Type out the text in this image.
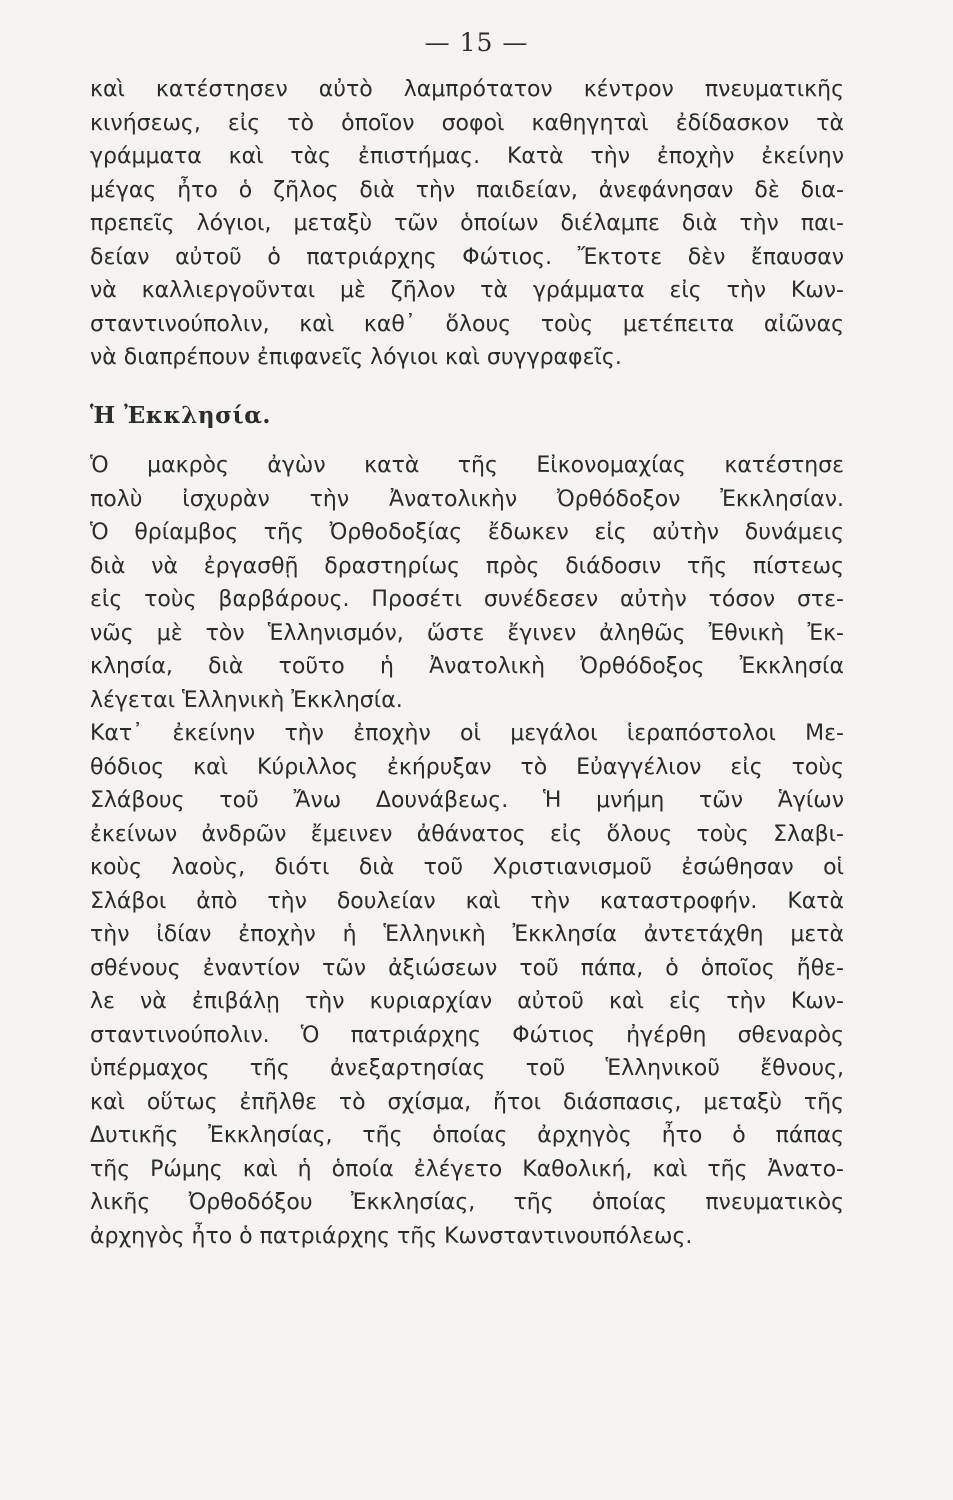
— 15 —
καὶ κατέστησεν αὐτὸ λαμπρότατον κέντρον πνευματικῆς
κινήσεως, εἰς τὸ ὁποῖον σοφοὶ καθηγηταὶ ἐδίδασκον τὰ
γράμματα καὶ τὰς ἐπιστήμας. Κατὰ τὴν ἐποχὴν ἐκείνην
μέγας ἦτο ὁ ζῆλος διὰ τὴν παιδείαν, ἀνεφάνησαν δὲ δια-
πρεπεῖς λόγιοι, μεταξὺ τῶν ὁποίων διέλαμπε διὰ τὴν παι-
δείαν αὐτοῦ ὁ πατριάρχης Φώτιος. Ἔκτοτε δὲν ἔπαυσαν
νὰ καλλιεργοῦνται μὲ ζῆλον τὰ γράμματα εἰς τὴν Κων-
σταντινούπολιν, καὶ καθ᾽ ὅλους τοὺς μετέπειτα αἰῶνας
νὰ διαπρέπουν ἐπιφανεῖς λόγιοι καὶ συγγραφεῖς.
Ἡ Ἐκκλησία.
Ὁ μακρὸς ἀγὼν κατὰ τῆς Εἰκονομαχίας κατέστησε
πολὺ ἰσχυρὰν τὴν Ἀνατολικὴν Ὀρθόδοξον Ἐκκλησίαν.
Ὁ θρίαμβος τῆς Ὀρθοδοξίας ἔδωκεν εἰς αὐτὴν δυνάμεις
διὰ νὰ ἐργασθῇ δραστηρίως πρὸς διάδοσιν τῆς πίστεως
εἰς τοὺς βαρβάρους. Προσέτι συνέδεσεν αὐτὴν τόσον στε-
νῶς μὲ τὸν Ἑλληνισμόν, ὥστε ἔγινεν ἀληθῶς Ἐθνικὴ Ἐκ-
κλησία, διὰ τοῦτο ἡ Ἀνατολικὴ Ὀρθόδοξος Ἐκκλησία
λέγεται Ἑλληνικὴ Ἐκκλησία.
Κατ᾽ ἐκείνην τὴν ἐποχὴν οἱ μεγάλοι ἱεραπόστολοι Με-
θόδιος καὶ Κύριλλος ἐκήρυξαν τὸ Εὐαγγέλιον εἰς τοὺς
Σλάβους τοῦ Ἄνω Δουνάβεως. Ἡ μνήμη τῶν Ἁγίων
ἐκείνων ἀνδρῶν ἔμεινεν ἀθάνατος εἰς ὅλους τοὺς Σλαβι-
κοὺς λαοὺς, διότι διὰ τοῦ Χριστιανισμοῦ ἐσώθησαν οἱ
Σλάβοι ἀπὸ τὴν δουλείαν καὶ τὴν καταστροφήν. Κατὰ
τὴν ἰδίαν ἐποχὴν ἡ Ἑλληνικὴ Ἐκκλησία ἀντετάχθη μετὰ
σθένους ἐναντίον τῶν ἀξιώσεων τοῦ πάπα, ὁ ὁποῖος ἤθε-
λε νὰ ἐπιβάλῃ τὴν κυριαρχίαν αὐτοῦ καὶ εἰς τὴν Κων-
σταντινούπολιν. Ὁ πατριάρχης Φώτιος ἠγέρθη σθεναρὸς
ὑπέρμαχος τῆς ἀνεξαρτησίας τοῦ Ἑλληνικοῦ ἔθνους,
καὶ οὕτως ἐπῆλθε τὸ σχίσμα, ἤτοι διάσπασις, μεταξὺ τῆς
Δυτικῆς Ἐκκλησίας, τῆς ὁποίας ἀρχηγὸς ἦτο ὁ πάπας
τῆς Ρώμης καὶ ἡ ὁποία ἐλέγετο Καθολική, καὶ τῆς Ἀνατο-
λικῆς Ὀρθοδόξου Ἐκκλησίας, τῆς ὁποίας πνευματικὸς
ἀρχηγὸς ἦτο ὁ πατριάρχης τῆς Κωνσταντινουπόλεως.
